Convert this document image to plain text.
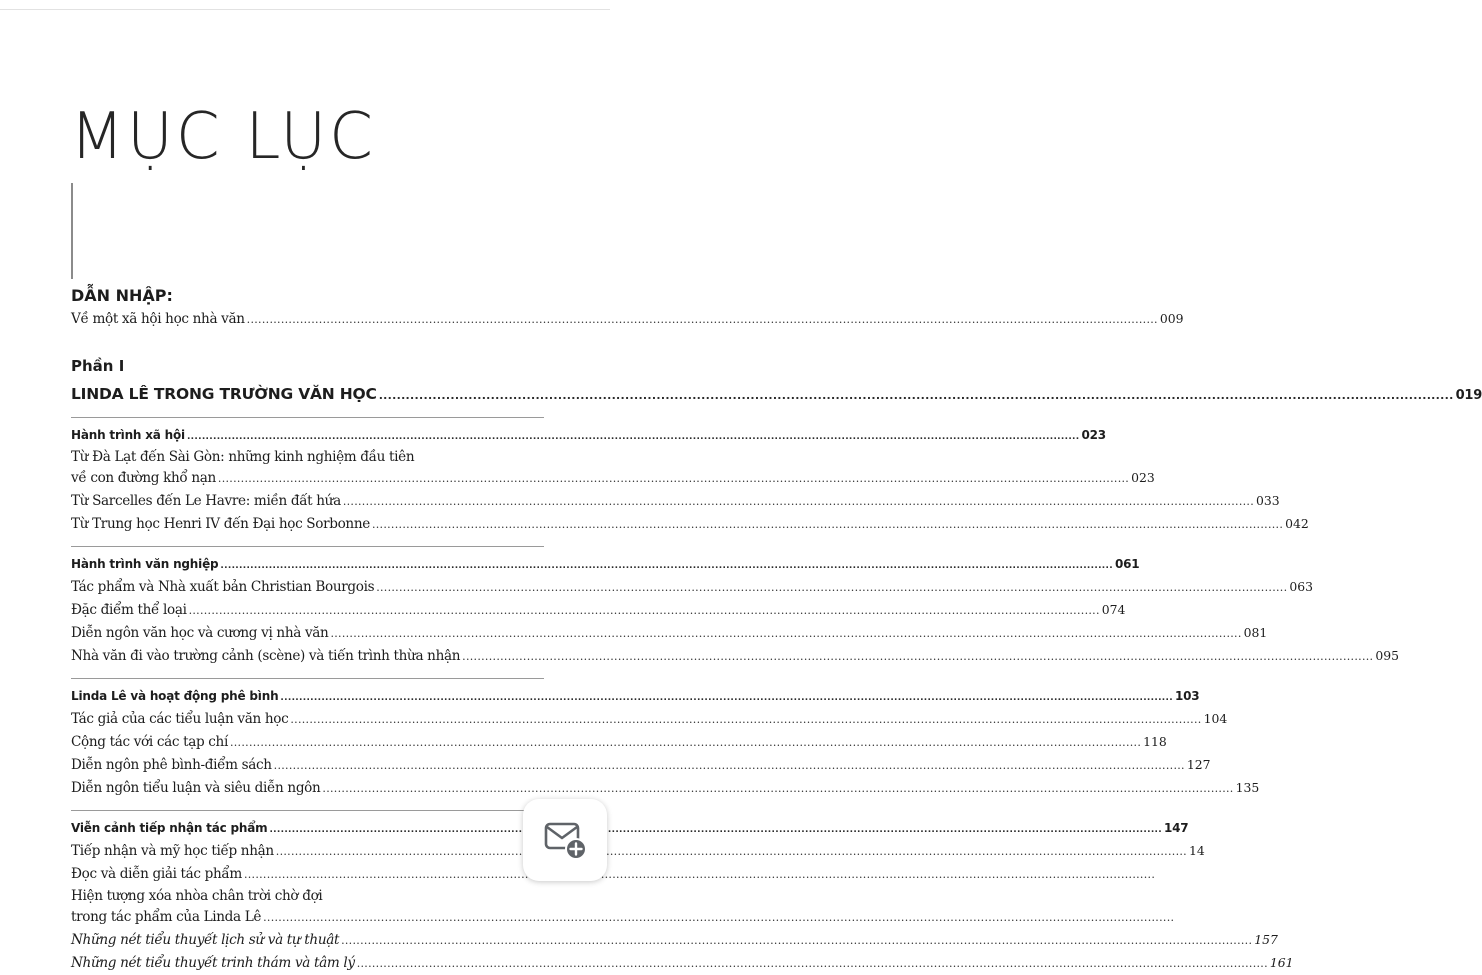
MỤC LỤC
DẪN NHẬP:
Về một xã hội học nhà văn .....	009
Phần I
LINDA LÊ TRONG TRƯỜNG VĂN HỌC .....	019
Hành trình xã hội .....	023
Từ Đà Lạt đến Sài Gòn: những kinh nghiệm đầu tiên
về con đường khổ nạn .....	023
Từ Sarcelles đến Le Havre: miền đất hứa .....	033
Từ Trung học Henri IV đến Đại học Sorbonne .....	042
Hành trình văn nghiệp .....	061
Tác phẩm và Nhà xuất bản Christian Bourgois .....	063
Đặc điểm thể loại .....	074
Diễn ngôn văn học và cương vị nhà văn .....	081
Nhà văn đi vào trường cảnh (scène) và tiến trình thừa nhận .....	095
Linda Lê và hoạt động phê bình .....	103
Tác giả của các tiểu luận văn học .....	104
Cộng tác với các tạp chí .....	118
Diễn ngôn phê bình-điểm sách .....	127
Diễn ngôn tiểu luận và siêu diễn ngôn .....	135
Viễn cảnh tiếp nhận tác phẩm .....	147
Tiếp nhận và mỹ học tiếp nhận .....	14
Đọc và diễn giải tác phẩm
.....
Hiện tượng xóa nhòa chân trời chờ đợi
trong tác phẩm của Linda Lê
.....
Những nét tiểu thuyết lịch sử và tự thuật .....	157
Những nét tiểu thuyết trinh thám và tâm lý .....	161
